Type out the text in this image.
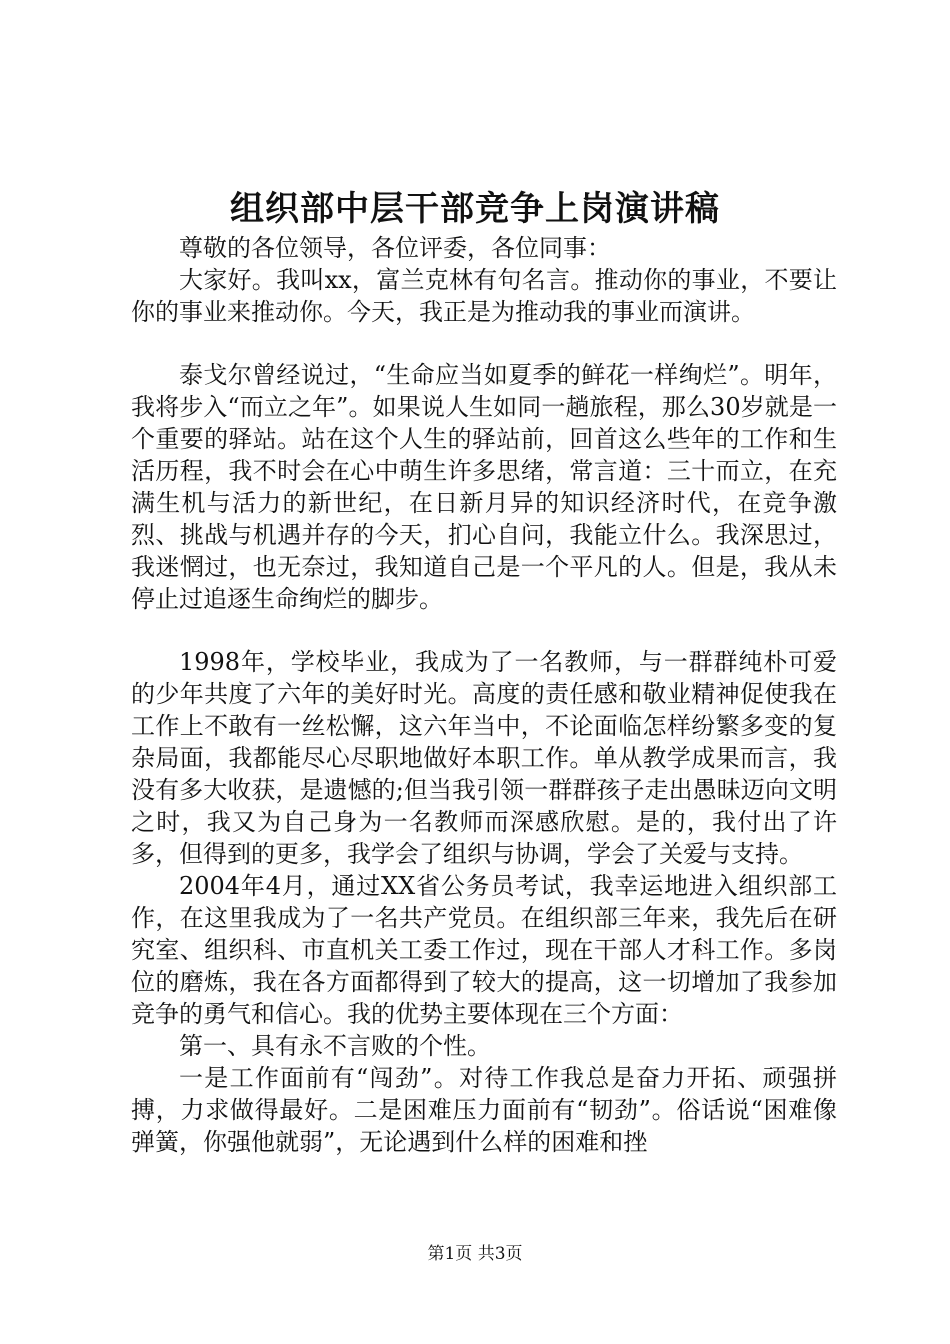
组织部中层干部竞争上岗演讲稿

尊敬的各位领导，各位评委，各位同事：

大家好。我叫xx，富兰克林有句名言。推动你的事业，不要让你的事业来推动你。今天，我正是为推动我的事业而演讲。

泰戈尔曾经说过，“生命应当如夏季的鲜花一样绚烂”。明年，我将步入“而立之年”。如果说人生如同一趟旅程，那么30岁就是一个重要的驿站。站在这个人生的驿站前，回首这么些年的工作和生活历程，我不时会在心中萌生许多思绪，常言道：三十而立，在充满生机与活力的新世纪，在日新月异的知识经济时代，在竞争激烈、挑战与机遇并存的今天，扪心自问，我能立什么。我深思过，我迷惘过，也无奈过，我知道自己是一个平凡的人。但是，我从未停止过追逐生命绚烂的脚步。

1998年，学校毕业，我成为了一名教师，与一群群纯朴可爱的少年共度了六年的美好时光。高度的责任感和敬业精神促使我在工作上不敢有一丝松懈，这六年当中，不论面临怎样纷繁多变的复杂局面，我都能尽心尽职地做好本职工作。单从教学成果而言，我没有多大收获，是遗憾的;但当我引领一群群孩子走出愚昧迈向文明之时，我又为自己身为一名教师而深感欣慰。是的，我付出了许多，但得到的更多，我学会了组织与协调，学会了关爱与支持。

2004年4月，通过XX省公务员考试，我幸运地进入组织部工作，在这里我成为了一名共产党员。在组织部三年来，我先后在研究室、组织科、市直机关工委工作过，现在干部人才科工作。多岗位的磨炼，我在各方面都得到了较大的提高，这一切增加了我参加竞争的勇气和信心。我的优势主要体现在三个方面：

第一、具有永不言败的个性。

一是工作面前有“闯劲”。对待工作我总是奋力开拓、顽强拼搏，力求做得最好。二是困难压力面前有“韧劲”。俗话说“困难像弹簧，你强他就弱”，无论遇到什么样的困难和挫

第1页 共3页
